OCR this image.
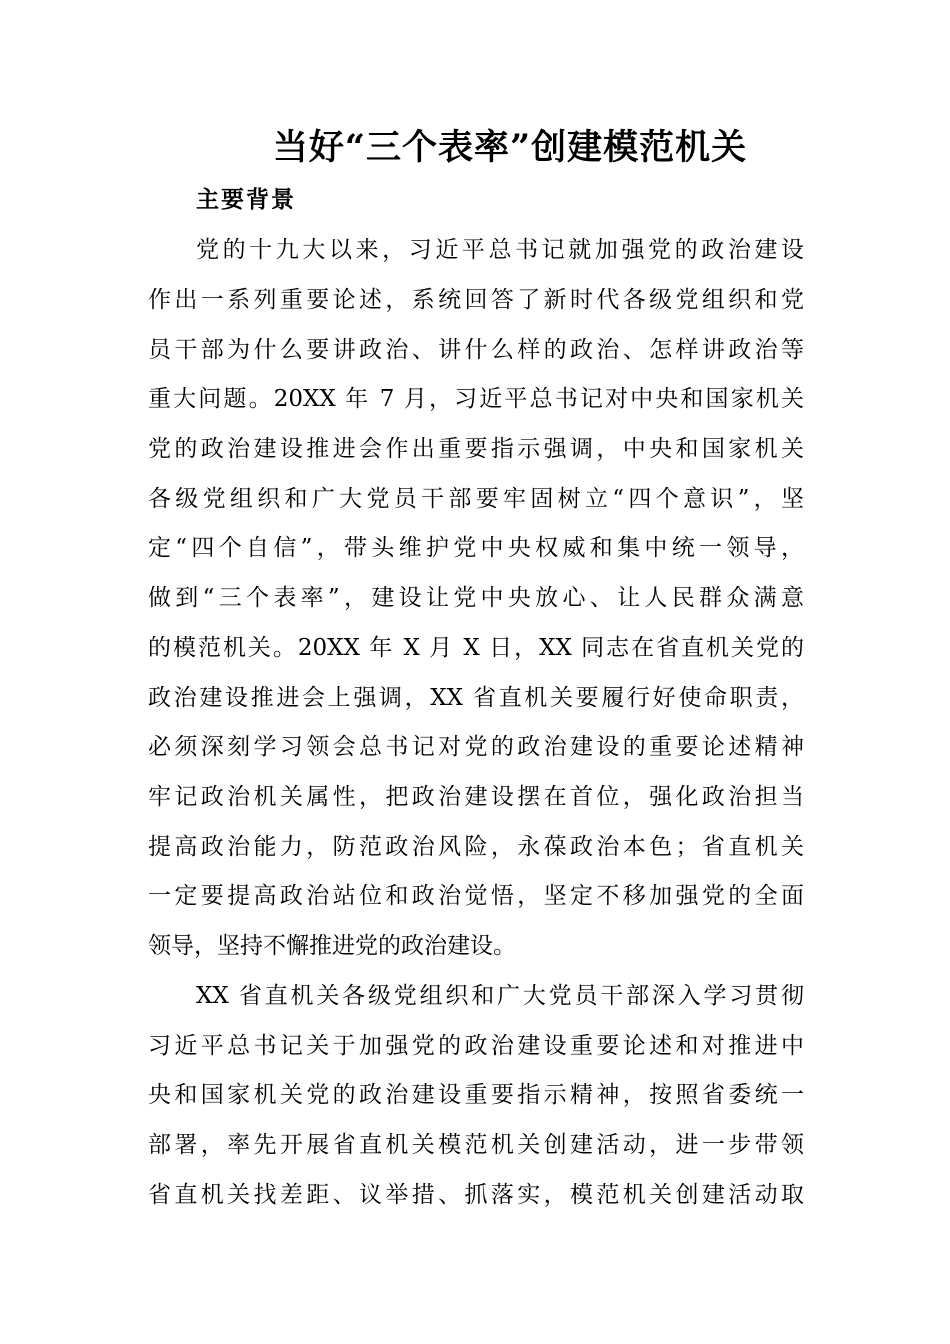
当好“三个表率”创建模范机关
主要背景
党的十九大以来，习近平总书记就加强党的政治建设
作出一系列重要论述，系统回答了新时代各级党组织和党
员干部为什么要讲政治、讲什么样的政治、怎样讲政治等
重大问题。20XX 年 7 月，习近平总书记对中央和国家机关
党的政治建设推进会作出重要指示强调，中央和国家机关
各级党组织和广大党员干部要牢固树立“四个意识”，坚
定“四个自信”，带头维护党中央权威和集中统一领导，
做到“三个表率”，建设让党中央放心、让人民群众满意
的模范机关。20XX 年 X 月 X 日，XX 同志在省直机关党的
政治建设推进会上强调，XX 省直机关要履行好使命职责，
必须深刻学习领会总书记对党的政治建设的重要论述精神
牢记政治机关属性，把政治建设摆在首位，强化政治担当
提高政治能力，防范政治风险，永葆政治本色；省直机关
一定要提高政治站位和政治觉悟，坚定不移加强党的全面
领导，坚持不懈推进党的政治建设。
XX 省直机关各级党组织和广大党员干部深入学习贯彻
习近平总书记关于加强党的政治建设重要论述和对推进中
央和国家机关党的政治建设重要指示精神，按照省委统一
部署，率先开展省直机关模范机关创建活动，进一步带领
省直机关找差距、议举措、抓落实，模范机关创建活动取
